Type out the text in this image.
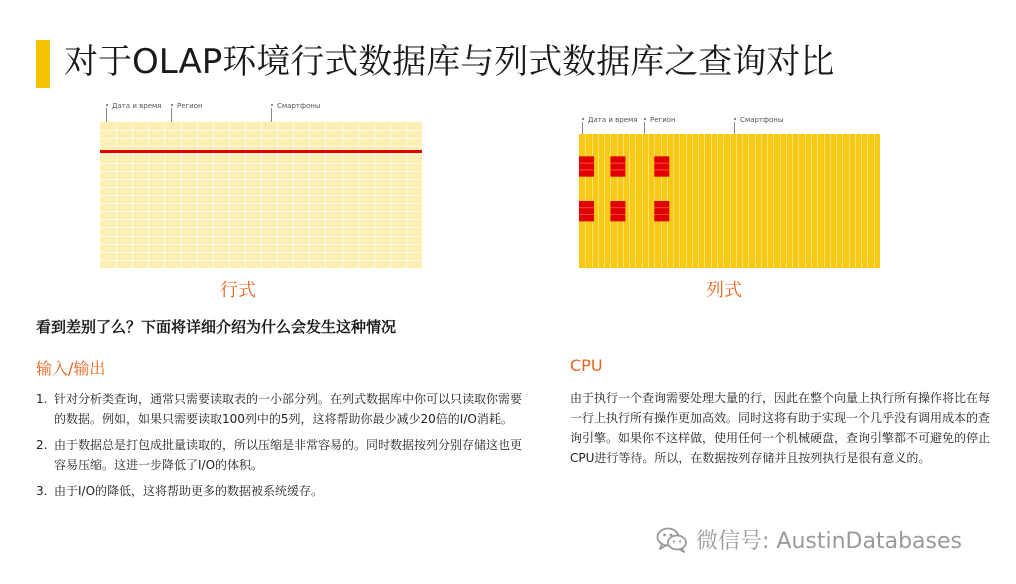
对于OLAP环境行式数据库与列式数据库之查询对比
Дата и время Регион	Смартфоны
行式
Дата и время Регион	Смартфоны
列式
看到差别了么？下面将详细介绍为什么会发生这种情况
输入/输出
1. 针对分析类查询，通常只需要读取表的一小部分列。在列式数据库中你可以只读取你需要的数据。例如，如果只需要读取100列中的5列，这将帮助你最少减少20倍的I/O消耗。
2. 由于数据总是打包成批量读取的，所以压缩是非常容易的。同时数据按列分别存储这也更容易压缩。这进一步降低了I/O的体积。
3. 由于I/O的降低，这将帮助更多的数据被系统缓存。
CPU

由于执行一个查询需要处理大量的行，因此在整个向量上执行所有操作将比在每一行上执行所有操作更加高效。同时这将有助于实现一个几乎没有调用成本的查询引擎。如果你不这样做，使用任何一个机械硬盘，查询引擎都不可避免的停止CPU进行等待。所以，在数据按列存储并且按列执行是很有意义的。

微信号: AustinDatabases
